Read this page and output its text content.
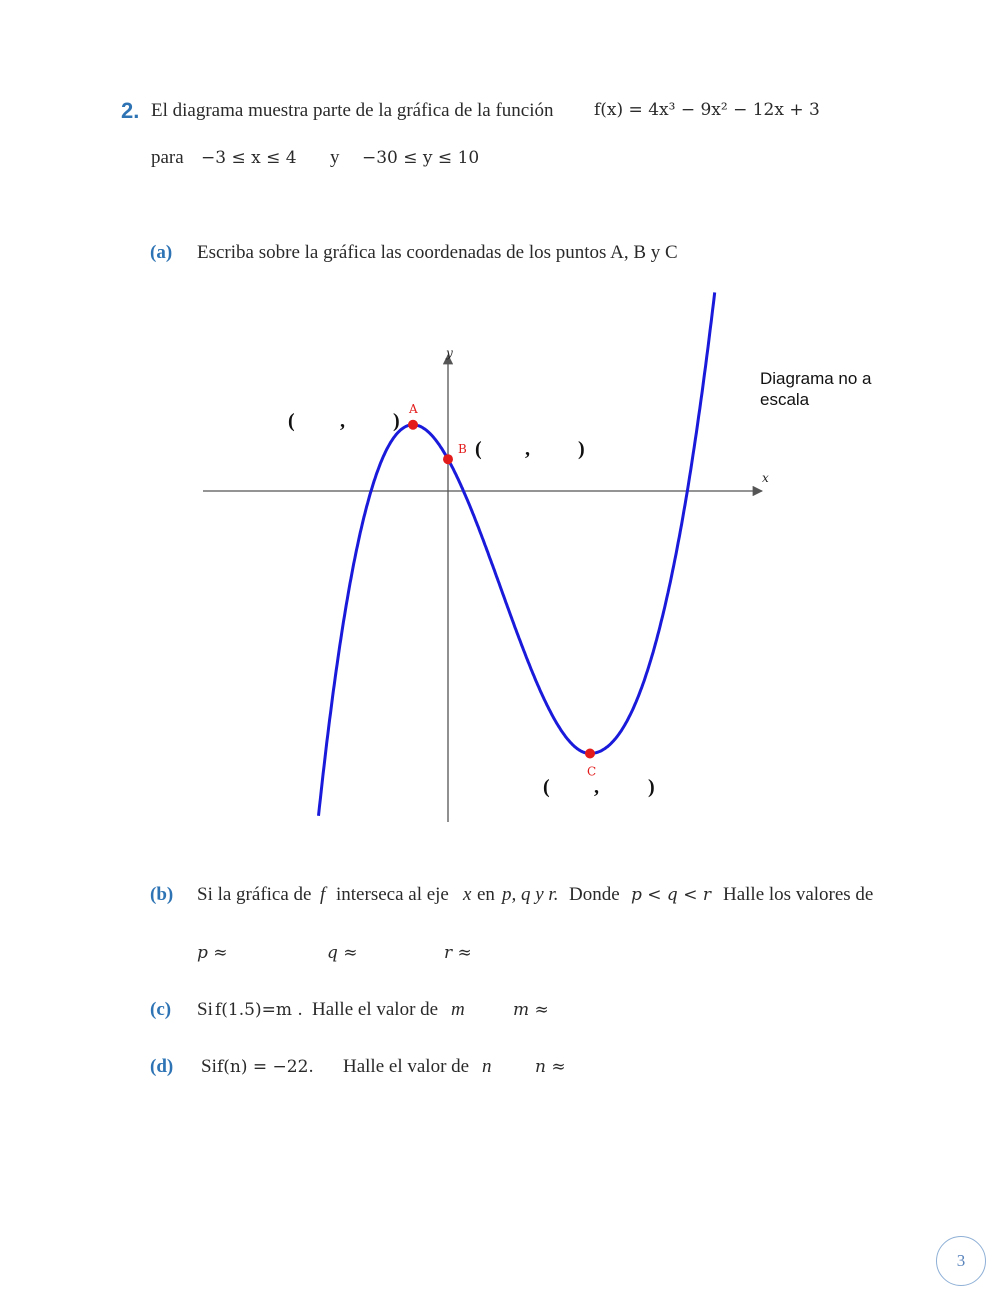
2. El diagrama muestra parte de la gráfica de la función f(x) = 4x³ − 9x² − 12x + 3
para −3 ≤ x ≤ 4 y −30 ≤ y ≤ 10
(a) Escriba sobre la gráfica las coordenadas de los puntos A, B y C
x
y
A
B
C
Diagrama no a escala
( , )
( , )
( , )
(b) Si la gráfica de f interseca al eje x en p, q y r. Donde p < q < r Halle los valores de
p ≈	q ≈	r ≈
(c) Si f(1.5)=m . Halle el valor de m	m ≈
(d) Si f(n) = −22. Halle el valor de n	n ≈
3
